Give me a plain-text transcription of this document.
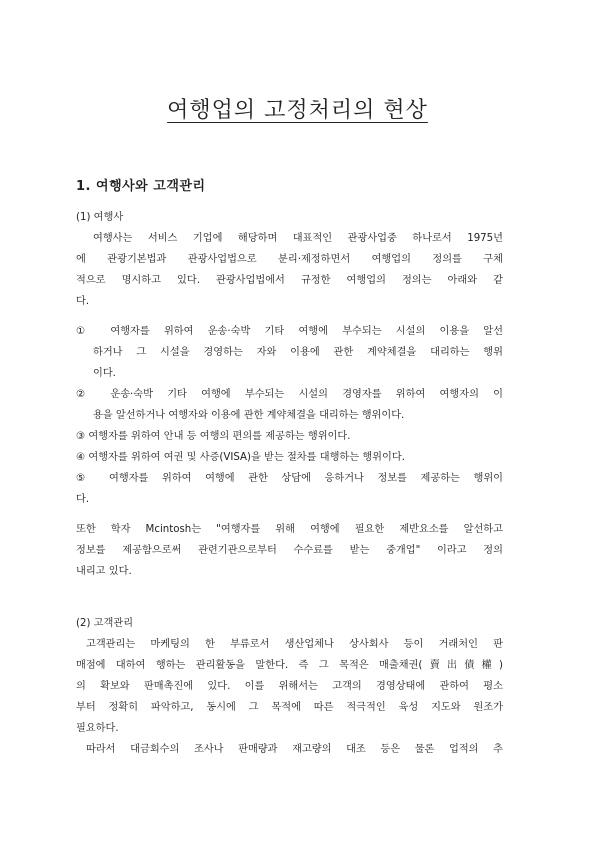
여행업의 고정처리의 현상
1. 여행사와 고객관리
(1) 여행사
여행사는 서비스 기업에 해당하며 대표적인 관광사업중 하나로서 1975년
에 관광기본법과 관광사업법으로 분리·제정하면서 여행업의 정의를 구체
적으로 명시하고 있다. 관광사업법에서 규정한 여행업의 정의는 아래와 같
다.
① 여행자를 위하여 운송·숙박 기타 여행에 부수되는 시설의 이용을 알선
하거나 그 시설을 경영하는 자와 이용에 관한 계약체결을 대리하는 행위
이다.
② 운송·숙박 기타 여행에 부수되는 시설의 경영자를 위하여 여행자의 이
용을 알선하거나 여행자와 이용에 관한 계약체결을 대리하는 행위이다.
③ 여행자를 위하여 안내 등 여행의 편의를 제공하는 행위이다.
④ 여행자를 위하여 여권 및 사증(VISA)을 받는 절차를 대행하는 행위이다.
⑤ 여행자를 위하여 여행에 관한 상담에 응하거나 정보를 제공하는 행위이
다.
또한 학자 Mcintosh는 "여행자를 위해 여행에 필요한 제반요소를 알선하고
정보를 제공함으로써 관련기관으로부터 수수료를 받는 중개업" 이라고 정의
내리고 있다.
(2) 고객관리
고객관리는 마케팅의 한 부류로서 생산업체나 상사회사 등이 거래처인 판
매점에 대하여 행하는 관리활동을 말한다. 즉 그 목적은 매출채권(賣出債權)
의 확보와 판매촉진에 있다. 이를 위해서는 고객의 경영상태에 관하여 평소
부터 정확히 파악하고, 동시에 그 목적에 따른 적극적인 육성 지도와 원조가
필요하다.
따라서 대금회수의 조사나 판매량과 재고량의 대조 등은 물론 업적의 추
